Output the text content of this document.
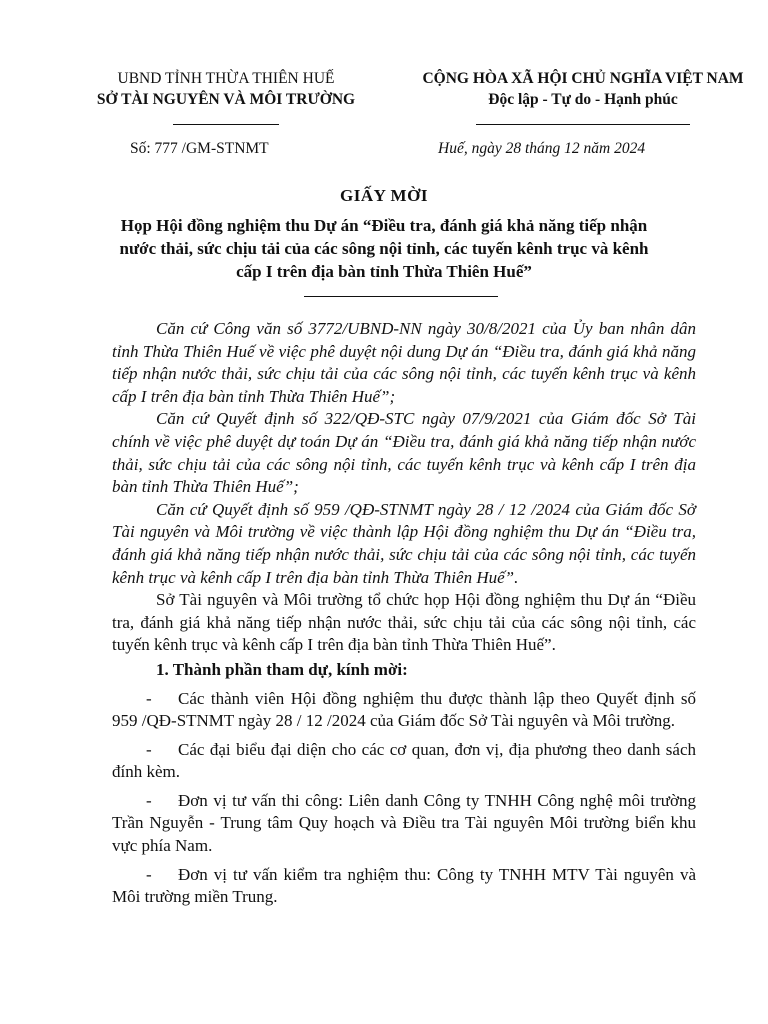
UBND TỈNH THỪA THIÊN HUẾ
SỞ TÀI NGUYÊN VÀ MÔI TRƯỜNG
CỘNG HÒA XÃ HỘI CHỦ NGHĨA VIỆT NAM
Độc lập - Tự do - Hạnh phúc
Số: 777 /GM-STNMT	Huế, ngày 28 tháng 12 năm 2024
GIẤY MỜI
Họp Hội đồng nghiệm thu Dự án “Điều tra, đánh giá khả năng tiếp nhận nước thải, sức chịu tải của các sông nội tỉnh, các tuyến kênh trục và kênh cấp I trên địa bàn tỉnh Thừa Thiên Huế”

Căn cứ Công văn số 3772/UBND-NN ngày 30/8/2021 của Ủy ban nhân dân tỉnh Thừa Thiên Huế về việc phê duyệt nội dung Dự án “Điều tra, đánh giá khả năng tiếp nhận nước thải, sức chịu tải của các sông nội tỉnh, các tuyến kênh trục và kênh cấp I trên địa bàn tỉnh Thừa Thiên Huế”;

Căn cứ Quyết định số 322/QĐ-STC ngày 07/9/2021 của Giám đốc Sở Tài chính về việc phê duyệt dự toán Dự án “Điều tra, đánh giá khả năng tiếp nhận nước thải, sức chịu tải của các sông nội tỉnh, các tuyến kênh trục và kênh cấp I trên địa bàn tỉnh Thừa Thiên Huế”;

Căn cứ Quyết định số 959 /QĐ-STNMT ngày 28 / 12 /2024 của Giám đốc Sở Tài nguyên và Môi trường về việc thành lập Hội đồng nghiệm thu Dự án “Điều tra, đánh giá khả năng tiếp nhận nước thải, sức chịu tải của các sông nội tỉnh, các tuyến kênh trục và kênh cấp I trên địa bàn tỉnh Thừa Thiên Huế”.

Sở Tài nguyên và Môi trường tổ chức họp Hội đồng nghiệm thu Dự án “Điều tra, đánh giá khả năng tiếp nhận nước thải, sức chịu tải của các sông nội tỉnh, các tuyến kênh trục và kênh cấp I trên địa bàn tỉnh Thừa Thiên Huế”.

1. Thành phần tham dự, kính mời:

- Các thành viên Hội đồng nghiệm thu được thành lập theo Quyết định số 959 /QĐ-STNMT ngày 28 / 12 /2024 của Giám đốc Sở Tài nguyên và Môi trường.

- Các đại biểu đại diện cho các cơ quan, đơn vị, địa phương theo danh sách đính kèm.

- Đơn vị tư vấn thi công: Liên danh Công ty TNHH Công nghệ môi trường Trần Nguyễn - Trung tâm Quy hoạch và Điều tra Tài nguyên Môi trường biển khu vực phía Nam.

- Đơn vị tư vấn kiểm tra nghiệm thu: Công ty TNHH MTV Tài nguyên và Môi trường miền Trung.
